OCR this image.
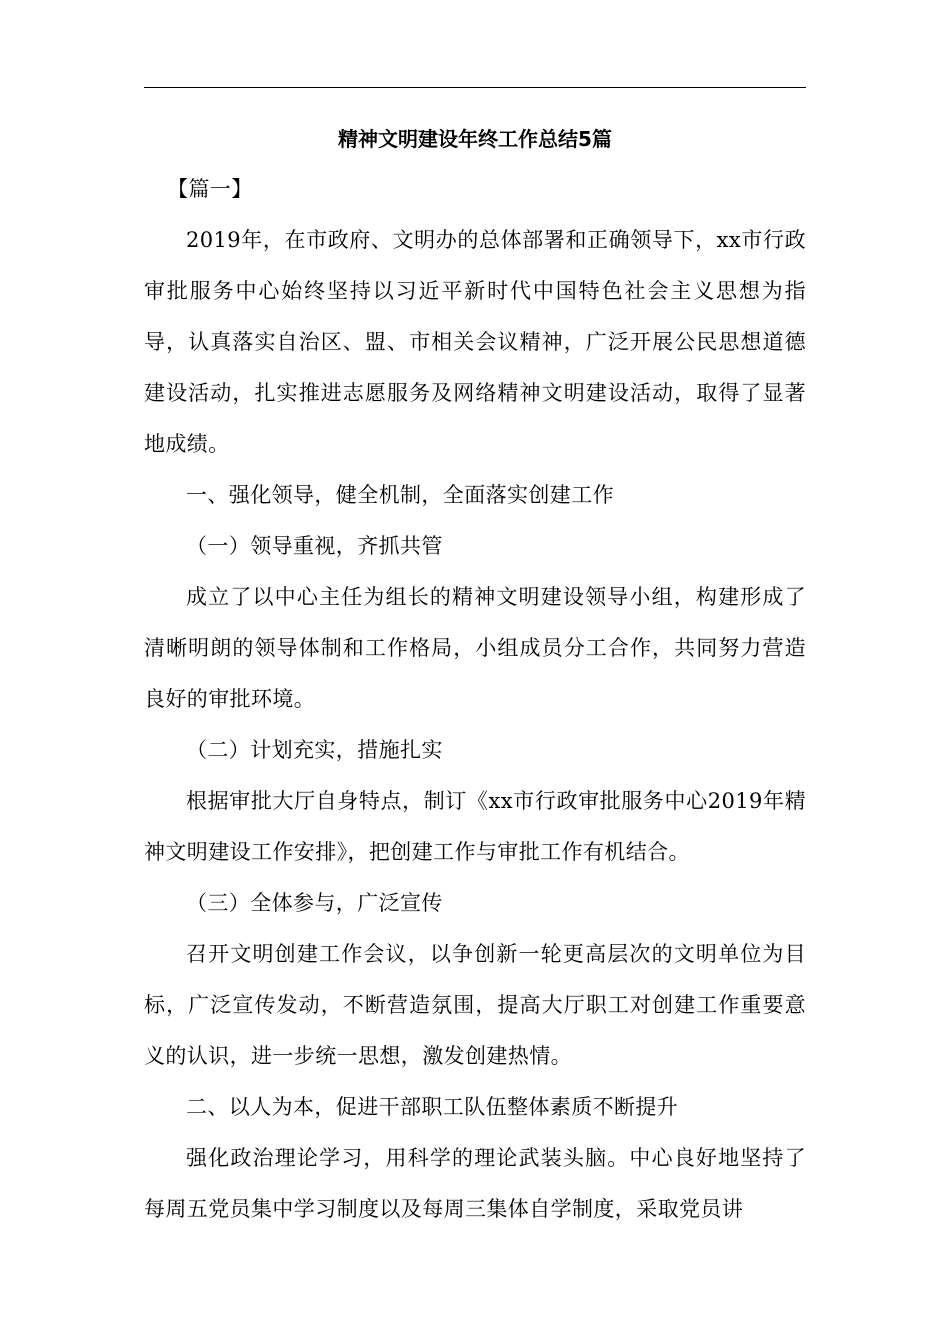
精神文明建设年终工作总结5篇

【篇一】

2019年，在市政府、文明办的总体部署和正确领导下，xx市行政审批服务中心始终坚持以习近平新时代中国特色社会主义思想为指导，认真落实自治区、盟、市相关会议精神，广泛开展公民思想道德建设活动，扎实推进志愿服务及网络精神文明建设活动，取得了显著地成绩。

一、强化领导，健全机制，全面落实创建工作

（一）领导重视，齐抓共管

成立了以中心主任为组长的精神文明建设领导小组，构建形成了清晰明朗的领导体制和工作格局，小组成员分工合作，共同努力营造良好的审批环境。

（二）计划充实，措施扎实

根据审批大厅自身特点，制订《xx市行政审批服务中心2019年精神文明建设工作安排》，把创建工作与审批工作有机结合。

（三）全体参与，广泛宣传

召开文明创建工作会议，以争创新一轮更高层次的文明单位为目标，广泛宣传发动，不断营造氛围，提高大厅职工对创建工作重要意义的认识，进一步统一思想，激发创建热情。

二、以人为本，促进干部职工队伍整体素质不断提升

强化政治理论学习，用科学的理论武装头脑。中心良好地坚持了每周五党员集中学习制度以及每周三集体自学制度，采取党员讲
